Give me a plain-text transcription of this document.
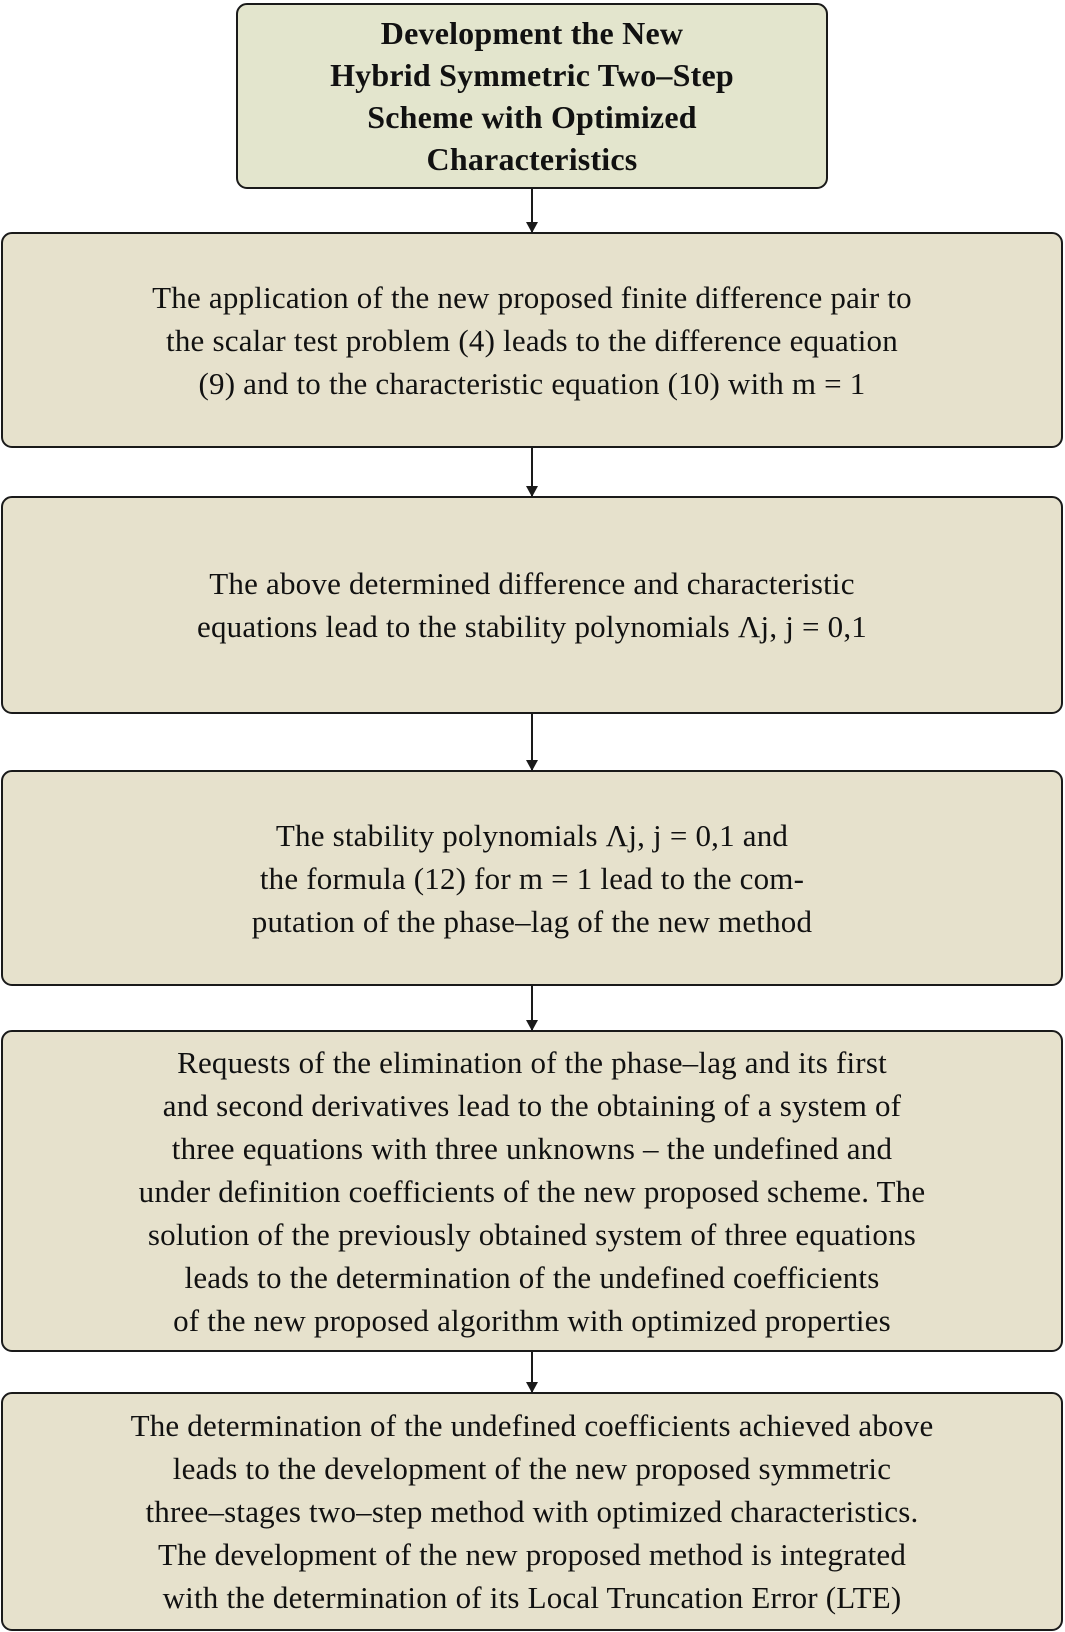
Development the New
Hybrid Symmetric Two–Step
Scheme with Optimized
Characteristics
The application of the new proposed finite difference pair to
the scalar test problem (4) leads to the difference equation
(9) and to the characteristic equation (10) with m = 1
The above determined difference and characteristic
equations lead to the stability polynomials Λj, j = 0,1
The stability polynomials Λj, j = 0,1 and
the formula (12) for m = 1 lead to the com-
putation of the phase–lag of the new method
Requests of the elimination of the phase–lag and its first
and second derivatives lead to the obtaining of a system of
three equations with three unknowns – the undefined and
under definition coefficients of the new proposed scheme. The
solution of the previously obtained system of three equations
leads to the determination of the undefined coefficients
of the new proposed algorithm with optimized properties
The determination of the undefined coefficients achieved above
leads to the development of the new proposed symmetric
three–stages two–step method with optimized characteristics.
The development of the new proposed method is integrated
with the determination of its Local Truncation Error (LTE)
